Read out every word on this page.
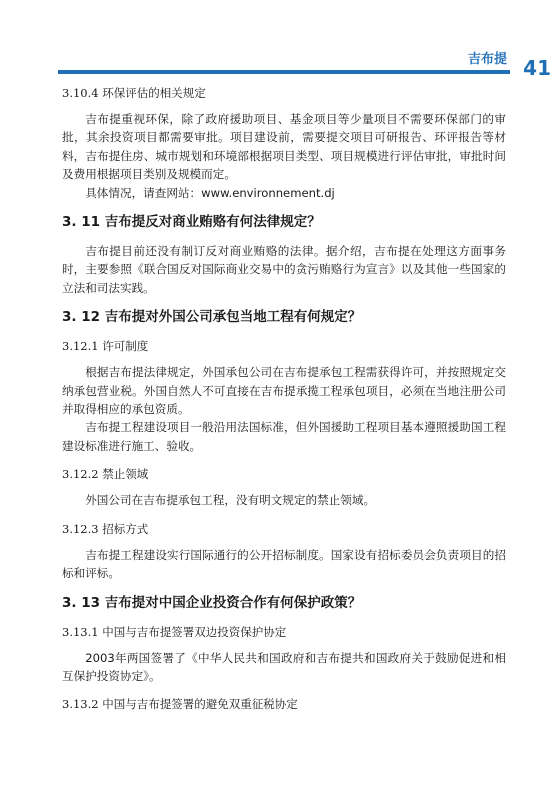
吉布提 41
3.10.4 环保评估的相关规定

吉布提重视环保，除了政府援助项目、基金项目等少量项目不需要环保部门的审批，其余投资项目都需要审批。项目建设前，需要提交项目可研报告、环评报告等材料，吉布提住房、城市规划和环境部根据项目类型、项目规模进行评估审批，审批时间及费用根据项目类别及规模而定。

具体情况，请查网站：www.environnement.dj

3. 11 吉布提反对商业贿赂有何法律规定？

吉布提目前还没有制订反对商业贿赂的法律。据介绍，吉布提在处理这方面事务时，主要参照《联合国反对国际商业交易中的贪污贿赂行为宣言》以及其他一些国家的立法和司法实践。

3. 12 吉布提对外国公司承包当地工程有何规定？
3.12.1 许可制度

根据吉布提法律规定，外国承包公司在吉布提承包工程需获得许可，并按照规定交纳承包营业税。外国自然人不可直接在吉布提承揽工程承包项目，必须在当地注册公司并取得相应的承包资质。

吉布提工程建设项目一般沿用法国标准，但外国援助工程项目基本遵照援助国工程建设标准进行施工、验收。

3.12.2 禁止领域

外国公司在吉布提承包工程，没有明文规定的禁止领域。

3.12.3 招标方式

吉布提工程建设实行国际通行的公开招标制度。国家设有招标委员会负责项目的招标和评标。

3. 13 吉布提对中国企业投资合作有何保护政策？
3.13.1 中国与吉布提签署双边投资保护协定

2003年两国签署了《中华人民共和国政府和吉布提共和国政府关于鼓励促进和相互保护投资协定》。

3.13.2 中国与吉布提签署的避免双重征税协定
